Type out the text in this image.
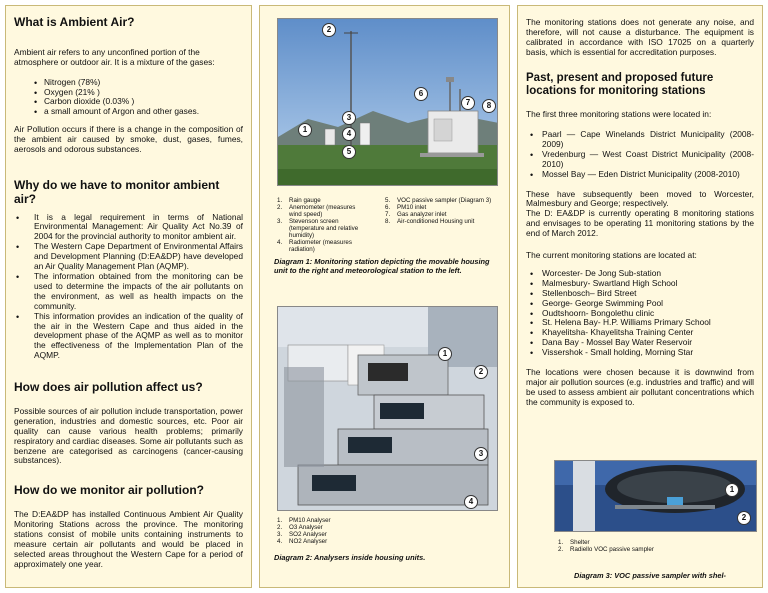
What is Ambient Air?

Ambient air refers to any unconfined portion of the atmosphere or outdoor air. It is a mixture of the gases:

• Nitrogen (78%)
• Oxygen (21% )
• Carbon dioxide (0.03% )
• a small amount of Argon and other gases.

Air Pollution occurs if there is a change in the composition of the ambient air caused by smoke, dust, gases, fumes, aerosols and odorous substances.

Why do we have to monitor ambient air?
• It is a legal requirement in terms of National Environmental Management: Air Quality Act No.39 of 2004 for the provincial authority to monitor ambient air.
• The Western Cape Department of Environmental Affairs and Development Planning (D:EA&DP) have developed an Air Quality Management Plan (AQMP).
• The information obtained from the monitoring can be used to determine the impacts of the air pollutants on the environment, as well as health impacts on the community.
• This information provides an indication of the quality of the air in the Western Cape and thus aided in the development phase of the AQMP as well as to monitor the effectiveness of the Implementation Plan of the AQMP.
How does air pollution affect us?

Possible sources of air pollution include transportation, power generation, industries and domestic sources, etc. Poor air quality can cause various health problems; primarily respiratory and cardiac diseases. Some air pollutants such as benzene are categorised as carcinogens (cancer-causing substances).

How do we monitor air pollution?

The D:EA&DP has installed Continuous Ambient Air Quality Monitoring Stations across the province. The monitoring stations consist of mobile units containing instruments to measure certain air pollutants and would be placed in selected areas throughout the Western Cape for a period of approximately one year.

2
6
7	8
3
1	4
5
1. Rain gauge
2. Anemometer (measures wind speed)
3. Stevenson screen (temperature and relative humidity)
4. Radiometer (measures radiation)
5. VOC passive sampler (Diagram 3)
6. PM10 inlet
7. Gas analyzer inlet
8. Air-conditioned Housing unit
Diagram 1: Monitoring station depicting the movable housing unit to the right and meteorological station to the left.
1
2
3
4
1. PM10 Analyser
2. O3 Analyser
3. SO2 Analyser
4. NO2 Analyser
Diagram 2: Analysers inside housing units.

The monitoring stations does not generate any noise, and therefore, will not cause a disturbance. The equipment is calibrated in accordance with ISO 17025 on a quarterly basis, which is essential for accreditation purposes.

Past, present and proposed future locations for monitoring stations

The first three monitoring stations were located in:

• Paarl — Cape Winelands District Municipality (2008-2009)
• Vredenburg — West Coast District Municipality (2008-2010)
• Mossel Bay — Eden District Municipality (2008-2010)

These have subsequently been moved to Worcester, Malmesbury and George; respectively.

The D: EA&DP is currently operating 8 monitoring stations and envisages to be operating 11 monitoring stations by the end of March 2012.

The current monitoring stations are located at:

• Worcester- De Jong Sub-station
• Malmesbury- Swartland High School
• Stellenbosch– Bird Street
• George- George Swimming Pool
• Oudtshoorn- Bongolethu clinic
• St. Helena Bay- H.P. Williams Primary School
• Khayelitsha- Khayelitsha Training Center
• Dana Bay - Mossel Bay Water Reservoir
• Vissershok - Small holding, Morning Star

The locations were chosen because it is downwind from major air pollution sources (e.g. industries and traffic) and will be used to assess ambient air pollutant concentrations which the community is exposed to.

1
2
1. Shelter
2. Radiello VOC passive sampler
Diagram 3: VOC passive sampler with shel-
